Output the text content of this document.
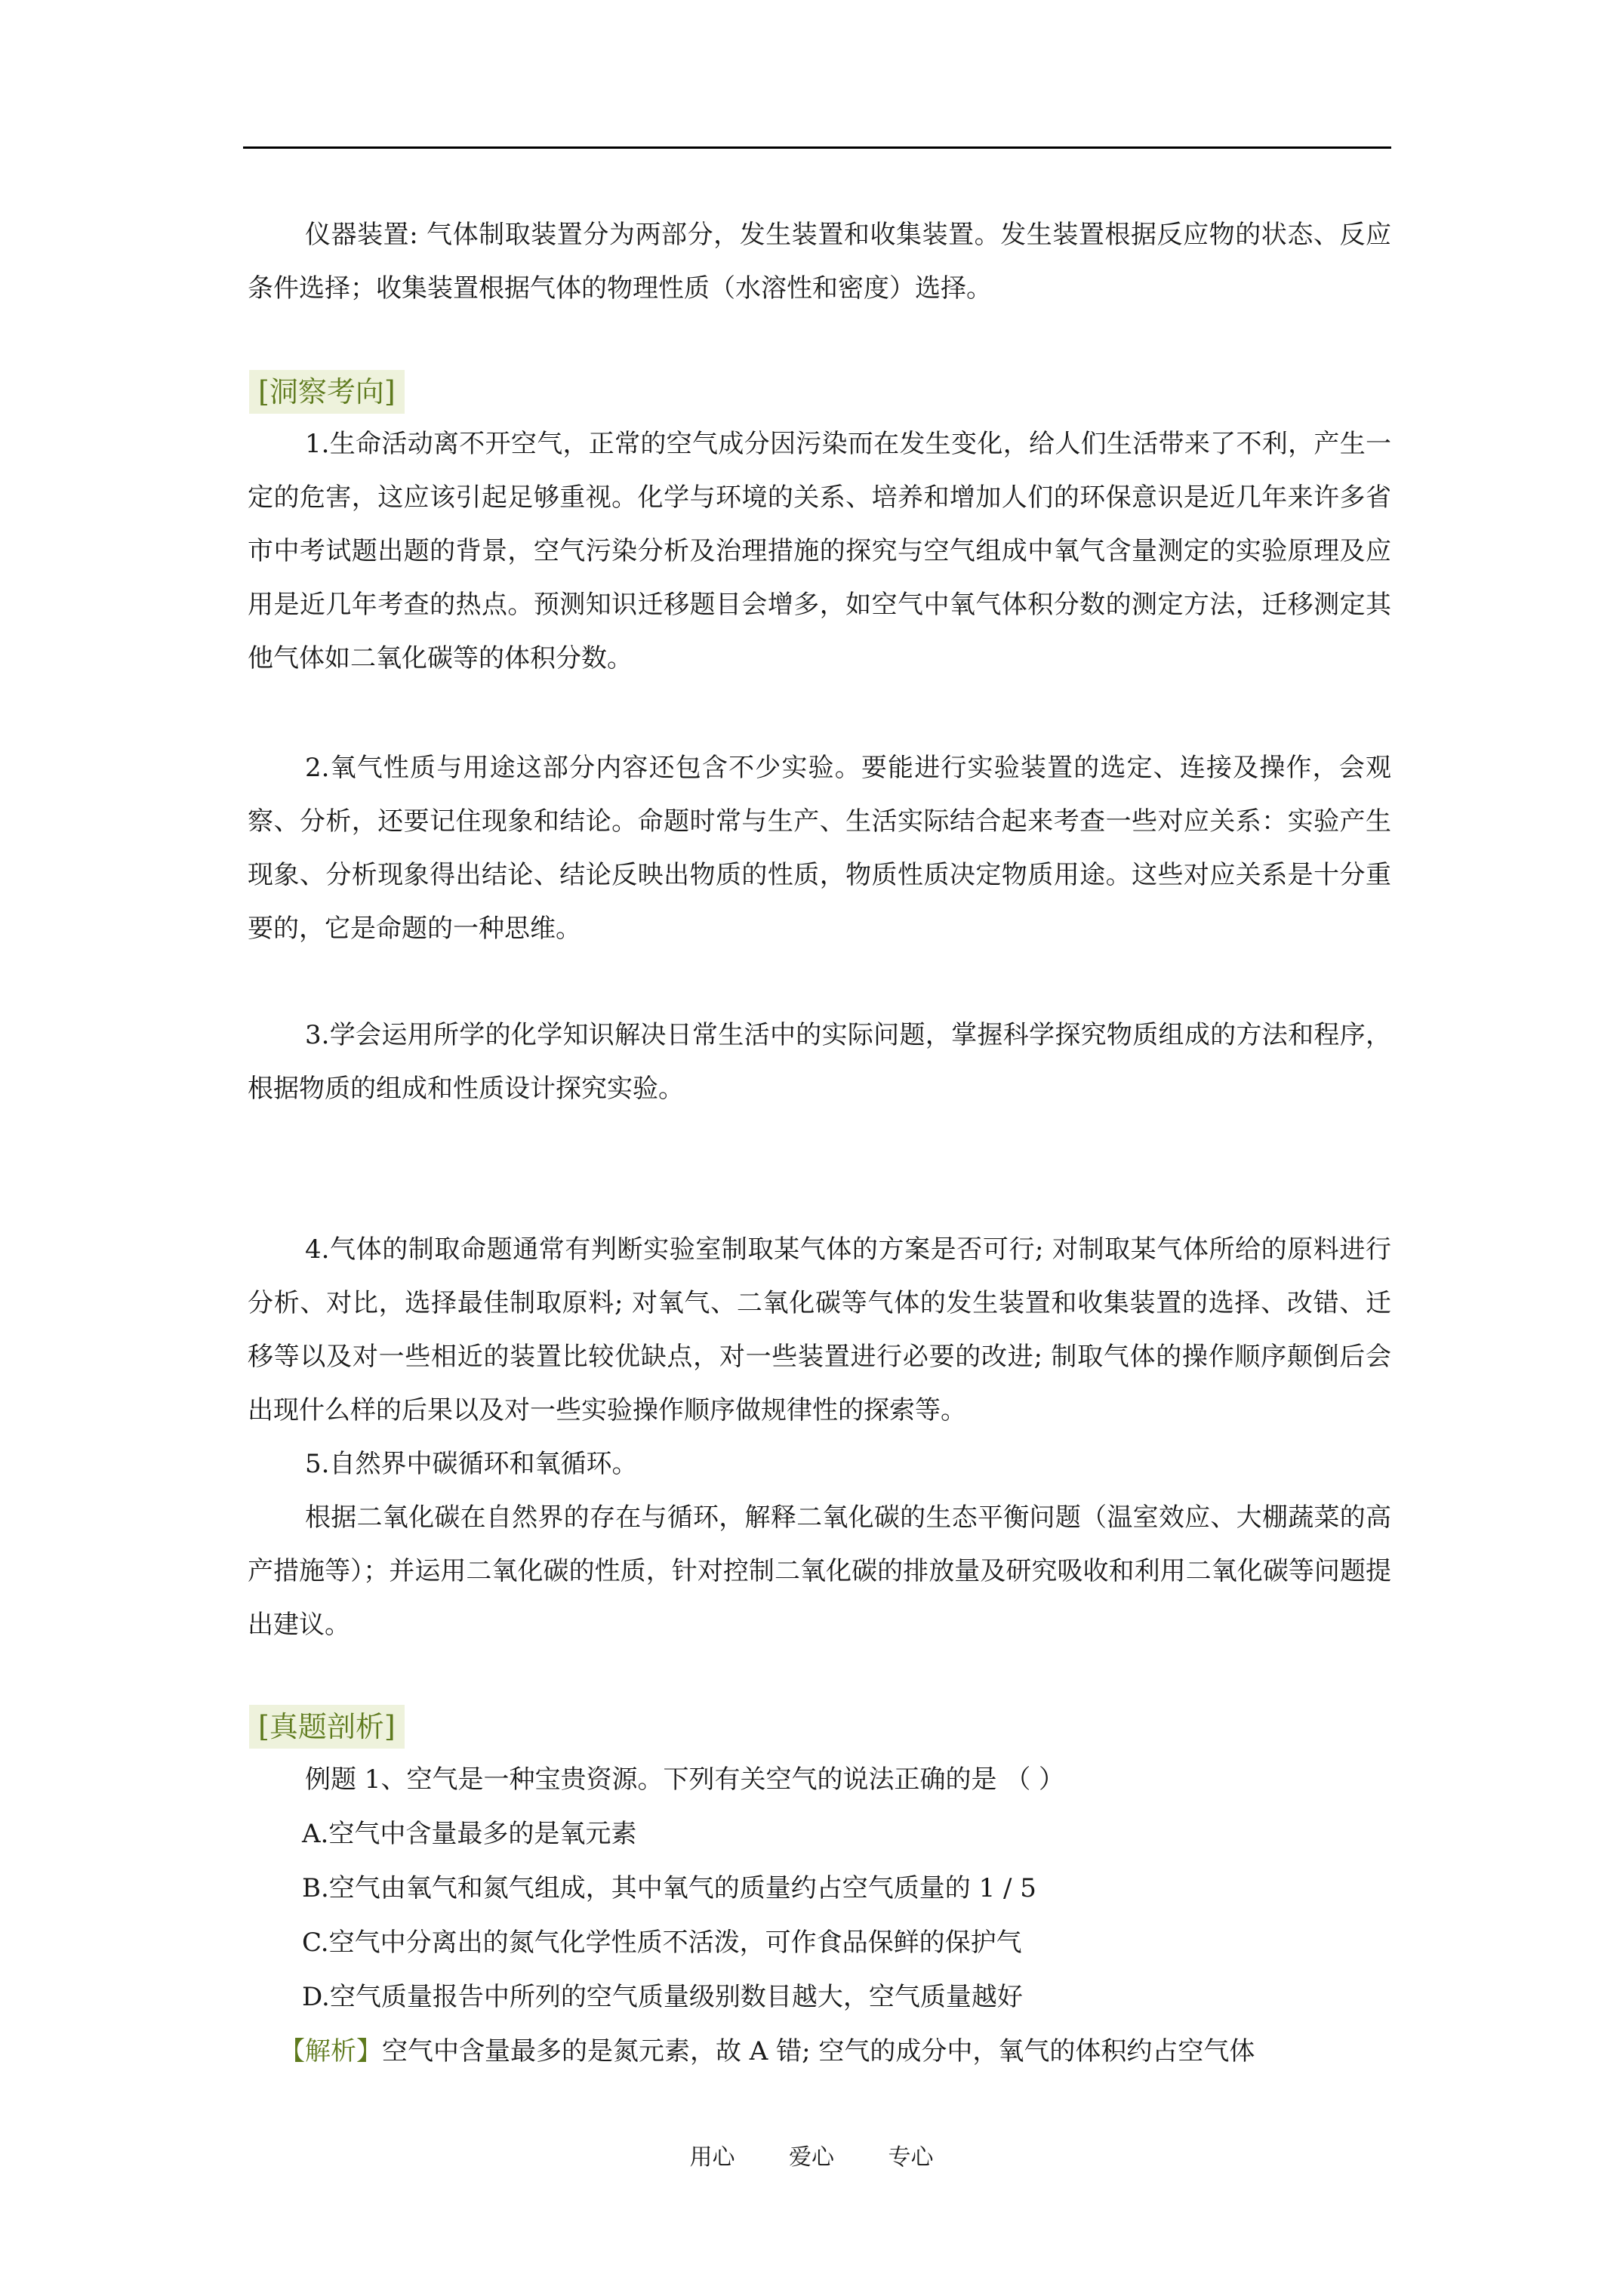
仪器装置: 气体制取装置分为两部分，发生装置和收集装置。发生装置根据反应物的状态、反应条件选择；收集装置根据气体的物理性质（水溶性和密度）选择。

[洞察考向]

1.生命活动离不开空气，正常的空气成分因污染而在发生变化，给人们生活带来了不利，产生一定的危害，这应该引起足够重视。化学与环境的关系、培养和增加人们的环保意识是近几年来许多省市中考试题出题的背景，空气污染分析及治理措施的探究与空气组成中氧气含量测定的实验原理及应用是近几年考查的热点。预测知识迁移题目会增多，如空气中氧气体积分数的测定方法，迁移测定其他气体如二氧化碳等的体积分数。

2.氧气性质与用途这部分内容还包含不少实验。要能进行实验装置的选定、连接及操作，会观察、分析，还要记住现象和结论。命题时常与生产、生活实际结合起来考查一些对应关系：实验产生现象、分析现象得出结论、结论反映出物质的性质，物质性质决定物质用途。这些对应关系是十分重要的，它是命题的一种思维。

3.学会运用所学的化学知识解决日常生活中的实际问题，掌握科学探究物质组成的方法和程序，根据物质的组成和性质设计探究实验。

4.气体的制取命题通常有判断实验室制取某气体的方案是否可行; 对制取某气体所给的原料进行分析、对比，选择最佳制取原料; 对氧气、二氧化碳等气体的发生装置和收集装置的选择、改错、迁移等以及对一些相近的装置比较优缺点，对一些装置进行必要的改进; 制取气体的操作顺序颠倒后会出现什么样的后果以及对一些实验操作顺序做规律性的探索等。

5.自然界中碳循环和氧循环。

根据二氧化碳在自然界的存在与循环，解释二氧化碳的生态平衡问题（温室效应、大棚蔬菜的高产措施等）；并运用二氧化碳的性质，针对控制二氧化碳的排放量及研究吸收和利用二氧化碳等问题提出建议。

[真题剖析]
例题 1、空气是一种宝贵资源。下列有关空气的说法正确的是 （ ）
A.空气中含量最多的是氧元素
B.空气由氧气和氮气组成，其中氧气的质量约占空气质量的 1 / 5
C.空气中分离出的氮气化学性质不活泼，可作食品保鲜的保护气
D.空气质量报告中所列的空气质量级别数目越大，空气质量越好
【解析】空气中含量最多的是氮元素，故 A 错; 空气的成分中，氧气的体积约占空气体
用心 爱心 专心
